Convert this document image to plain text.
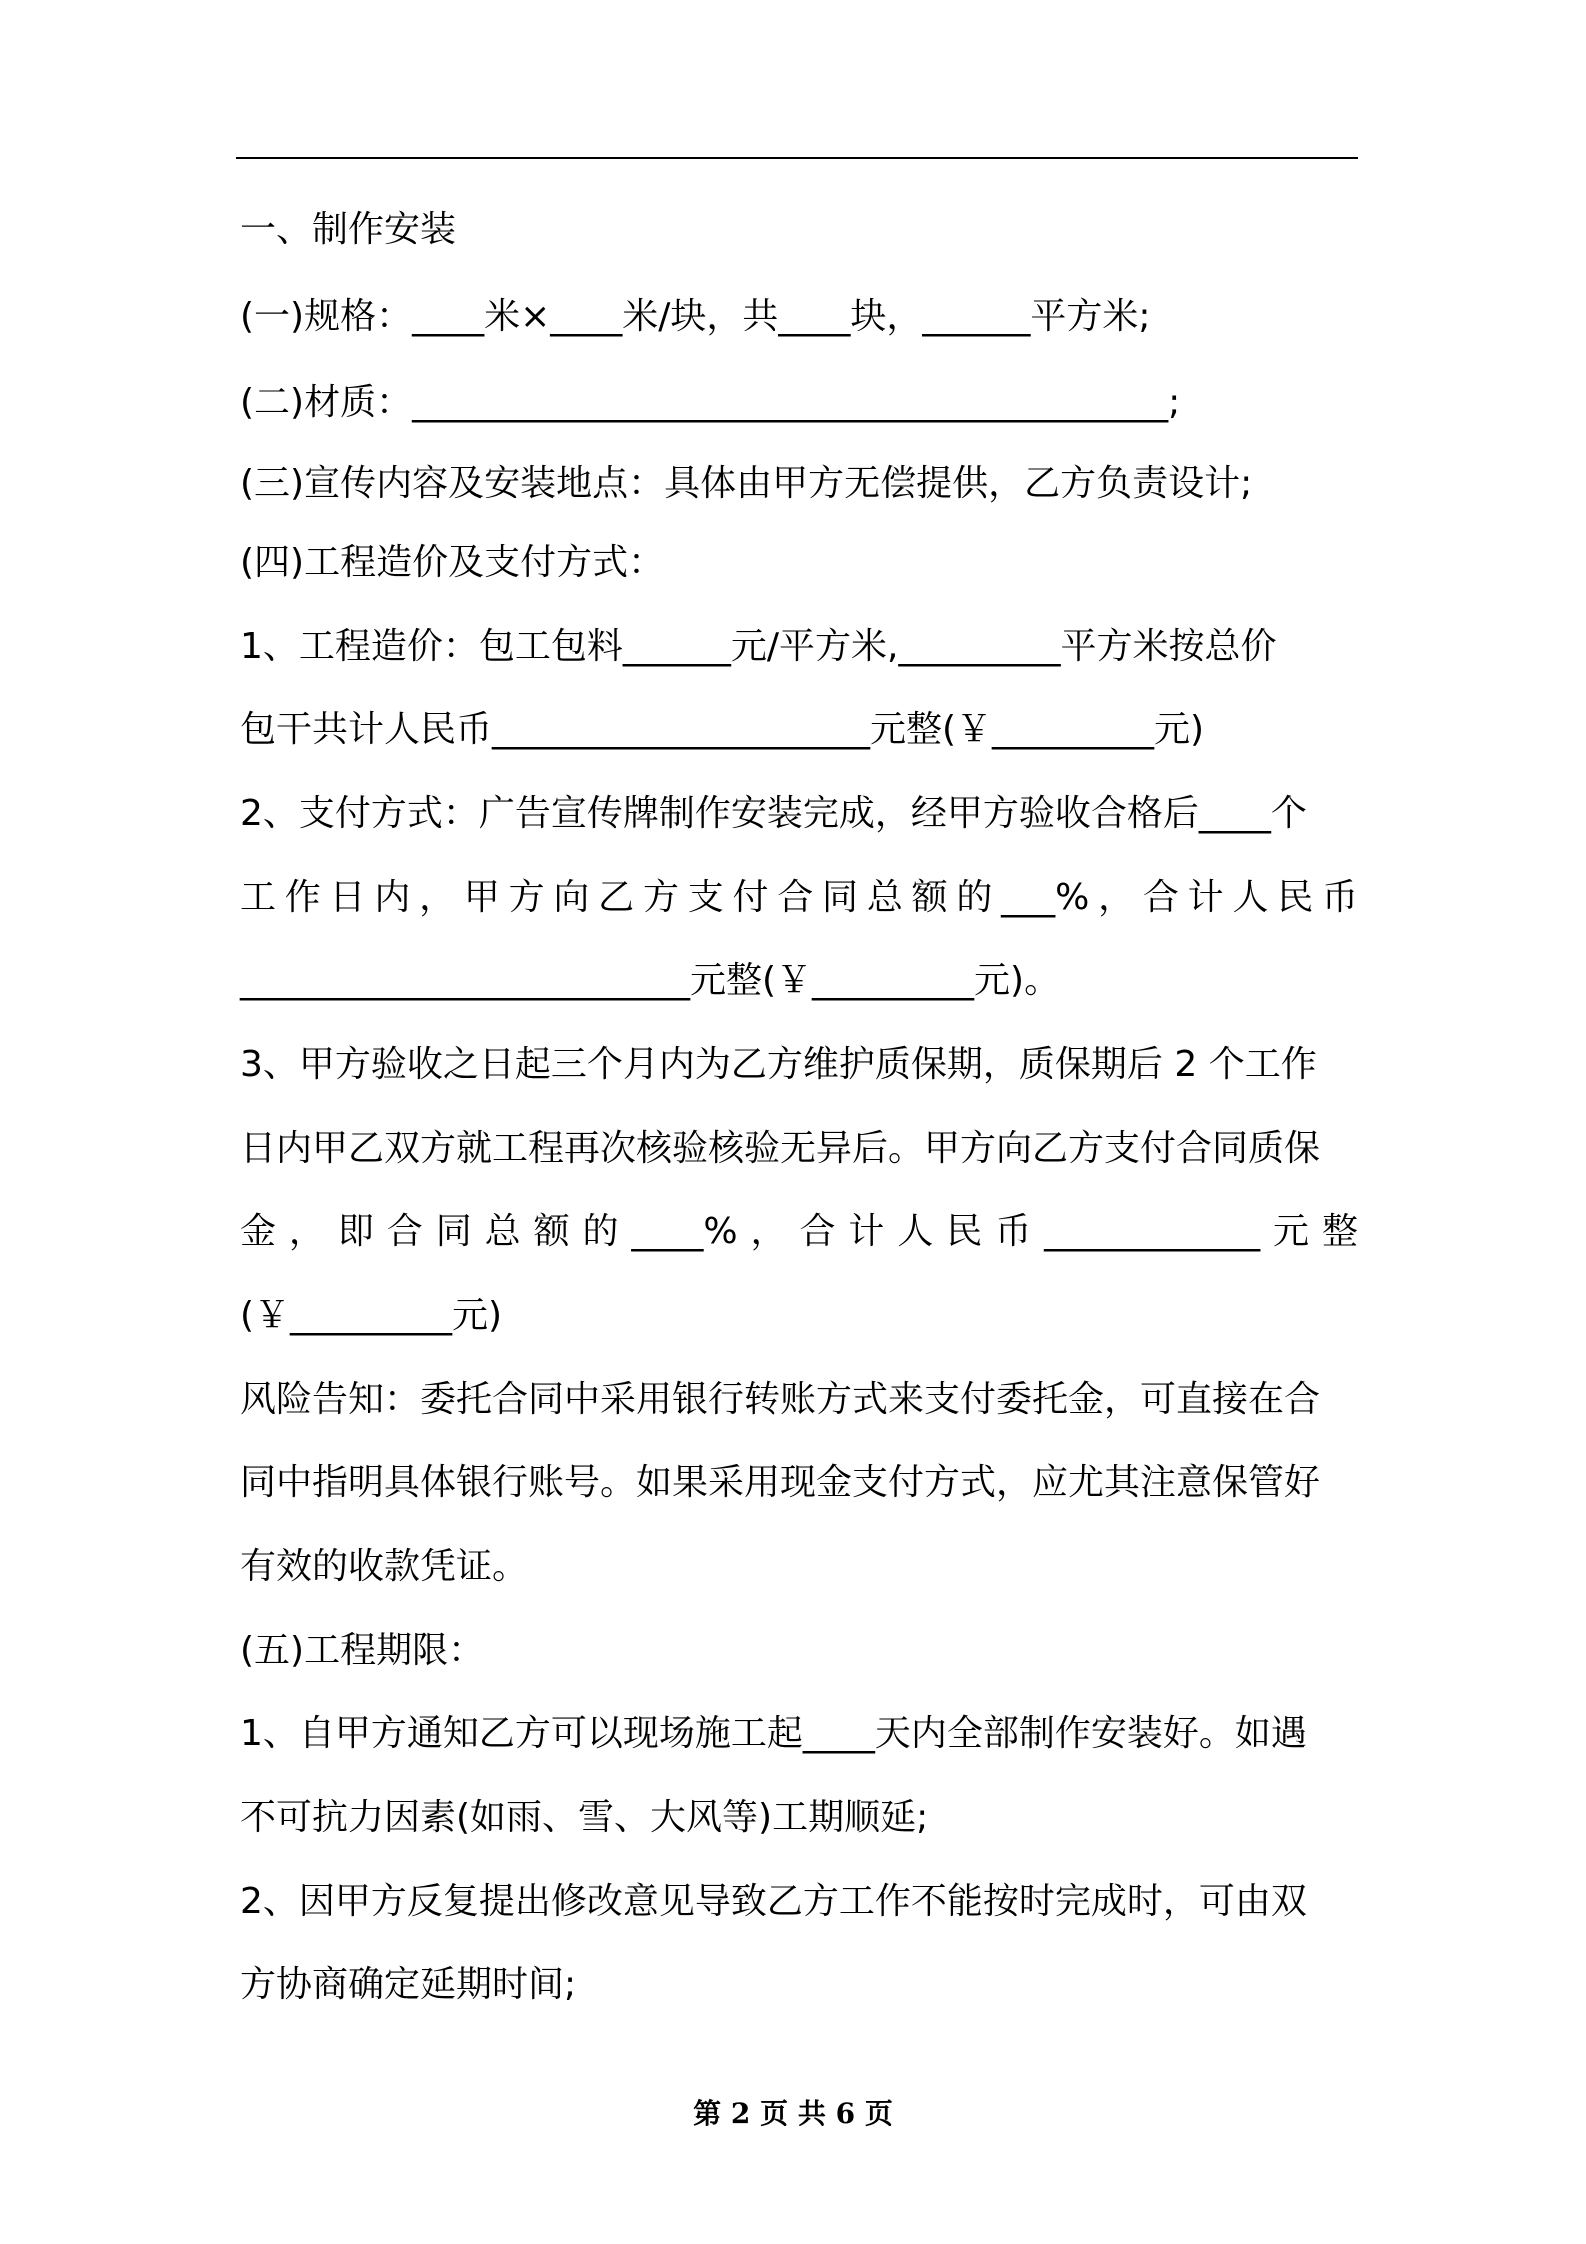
一、制作安装
(一)规格：____米×____米/块，共____块，______平方米;
(二)材质：__________________________________________;
(三)宣传内容及安装地点：具体由甲方无偿提供，乙方负责设计;
(四)工程造价及支付方式：
1、工程造价：包工包料______元/平方米,_________平方米按总价
包干共计人民币_____________________元整(￥_________元)
2、支付方式：广告宣传牌制作安装完成，经甲方验收合格后____个
工作日内，甲方向乙方支付合同总额的___%，合计人民币
_________________________元整(￥_________元)。
3、甲方验收之日起三个月内为乙方维护质保期，质保期后 2 个工作
日内甲乙双方就工程再次核验核验无异后。甲方向乙方支付合同质保
金，即合同总额的____%，合计人民币____________元整
(￥_________元)
风险告知：委托合同中采用银行转账方式来支付委托金，可直接在合
同中指明具体银行账号。如果采用现金支付方式，应尤其注意保管好
有效的收款凭证。
(五)工程期限：
1、自甲方通知乙方可以现场施工起____天内全部制作安装好。如遇
不可抗力因素(如雨、雪、大风等)工期顺延;
2、因甲方反复提出修改意见导致乙方工作不能按时完成时，可由双
方协商确定延期时间;
第 2 页 共 6 页
